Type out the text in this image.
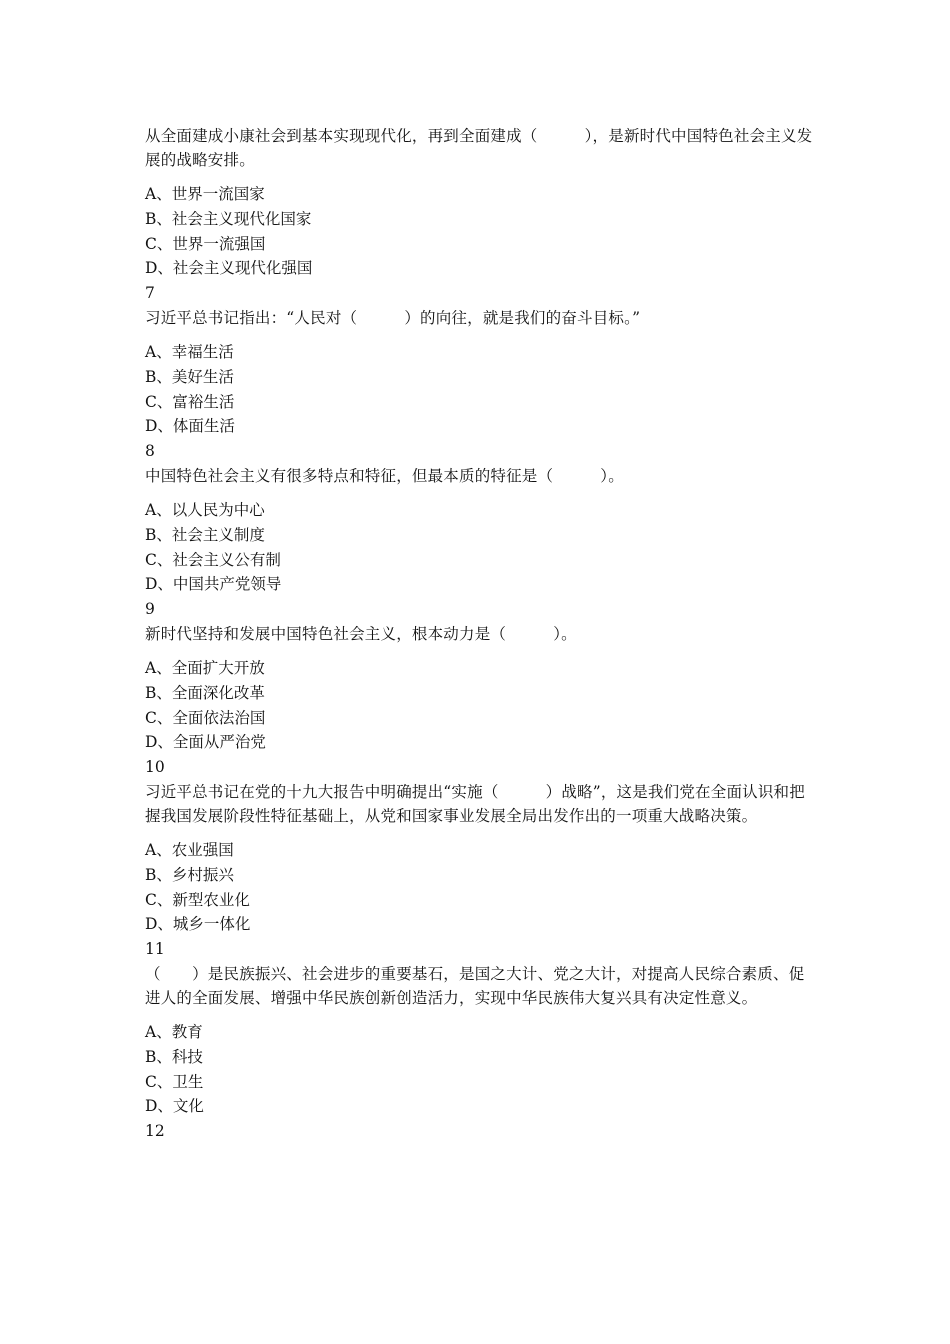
从全面建成小康社会到基本实现现代化，再到全面建成（　　　），是新时代中国特色社会主义发展的战略安排。

A、世界一流国家

B、社会主义现代化国家

C、世界一流强国

D、社会主义现代化强国

7

习近平总书记指出：“人民对（　　　）的向往，就是我们的奋斗目标。”

A、幸福生活

B、美好生活

C、富裕生活

D、体面生活

8

中国特色社会主义有很多特点和特征，但最本质的特征是（　　　）。

A、以人民为中心

B、社会主义制度

C、社会主义公有制

D、中国共产党领导

9

新时代坚持和发展中国特色社会主义，根本动力是（　　　）。

A、全面扩大开放

B、全面深化改革

C、全面依法治国

D、全面从严治党

10

习近平总书记在党的十九大报告中明确提出“实施（　　　）战略”，这是我们党在全面认识和把握我国发展阶段性特征基础上，从党和国家事业发展全局出发作出的一项重大战略决策。

A、农业强国

B、乡村振兴

C、新型农业化

D、城乡一体化

11

（　　）是民族振兴、社会进步的重要基石，是国之大计、党之大计，对提高人民综合素质、促进人的全面发展、增强中华民族创新创造活力，实现中华民族伟大复兴具有决定性意义。

A、教育

B、科技

C、卫生

D、文化

12
